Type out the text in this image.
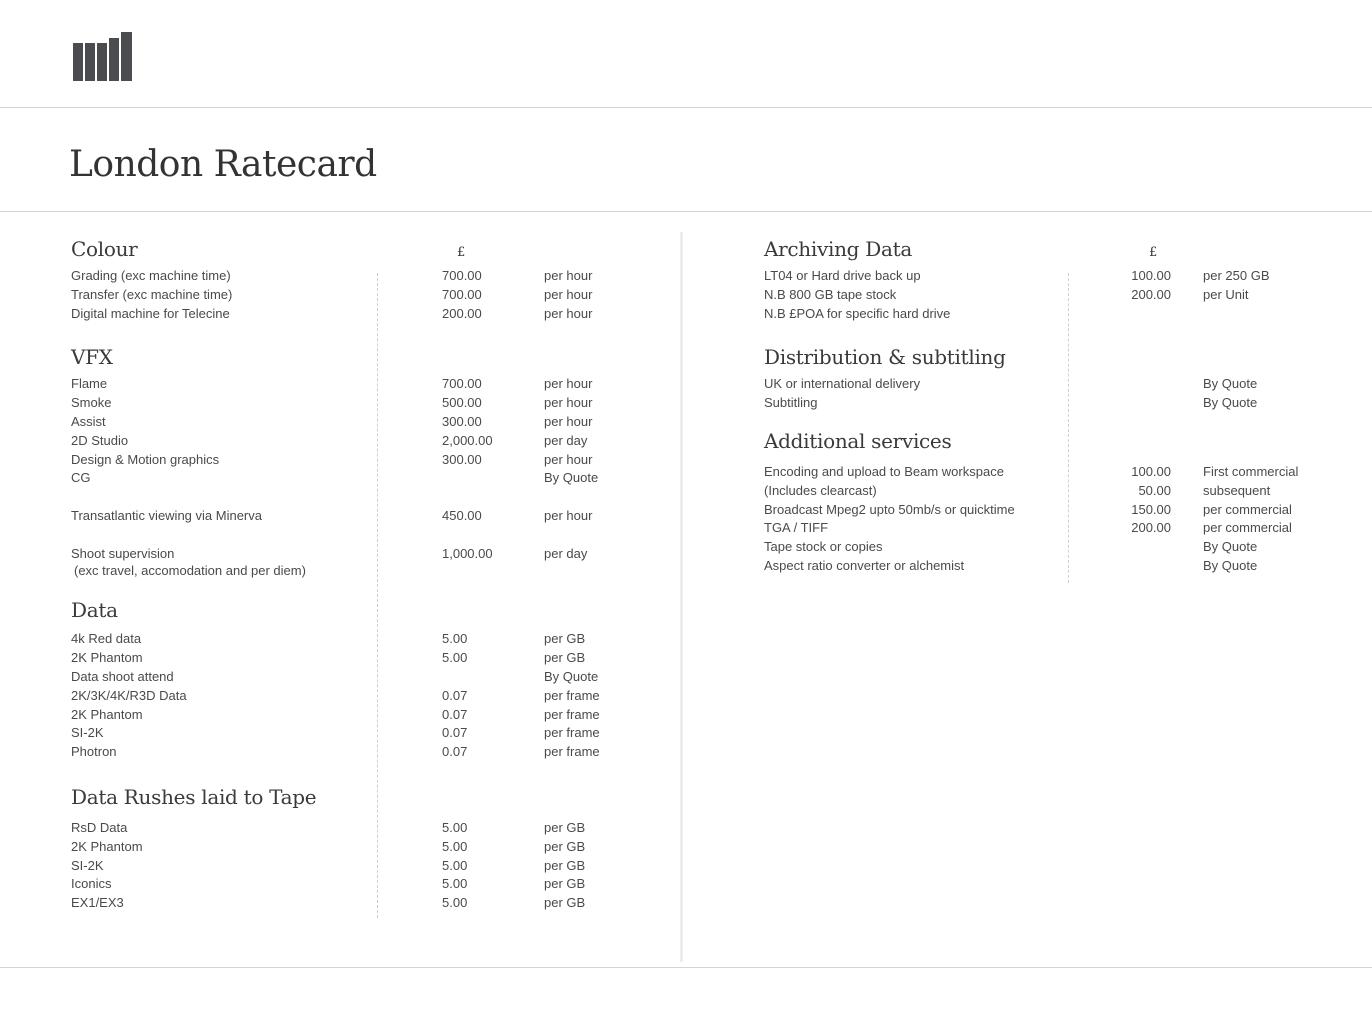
London Ratecard
Colour	£
Grading (exc machine time)	700.00	per hour
Transfer (exc machine time)	700.00	per hour
Digital machine for Telecine	200.00	per hour
VFX
Flame	700.00	per hour
Smoke	500.00	per hour
Assist	300.00	per hour
2D Studio	2,000.00	per day
Design & Motion graphics	300.00	per hour
CG	By Quote
Transatlantic viewing via Minerva	450.00	per hour
Shoot supervision	1,000.00	per day
(exc travel, accomodation and per diem)
Data
4k Red data	5.00	per GB
2K Phantom	5.00	per GB
Data shoot attend	By Quote
2K/3K/4K/R3D Data	0.07	per frame
2K Phantom	0.07	per frame
SI-2K	0.07	per frame
Photron	0.07	per frame
Data Rushes laid to Tape
RsD Data	5.00	per GB
2K Phantom	5.00	per GB
SI-2K	5.00	per GB
Iconics	5.00	per GB
EX1/EX3	5.00	per GB
Archiving Data	£
LT04 or Hard drive back up	100.00 per 250 GB
N.B 800 GB tape stock	200.00 per Unit
N.B £POA for specific hard drive
Distribution & subtitling
UK or international delivery	By Quote
Subtitling	By Quote
Additional services
Encoding and upload to Beam workspace	100.00 First commercial
(Includes clearcast)	50.00 subsequent
Broadcast Mpeg2 upto 50mb/s or quicktime	150.00 per commercial
TGA / TIFF	200.00 per commercial
Tape stock or copies	By Quote
Aspect ratio converter or alchemist	By Quote
